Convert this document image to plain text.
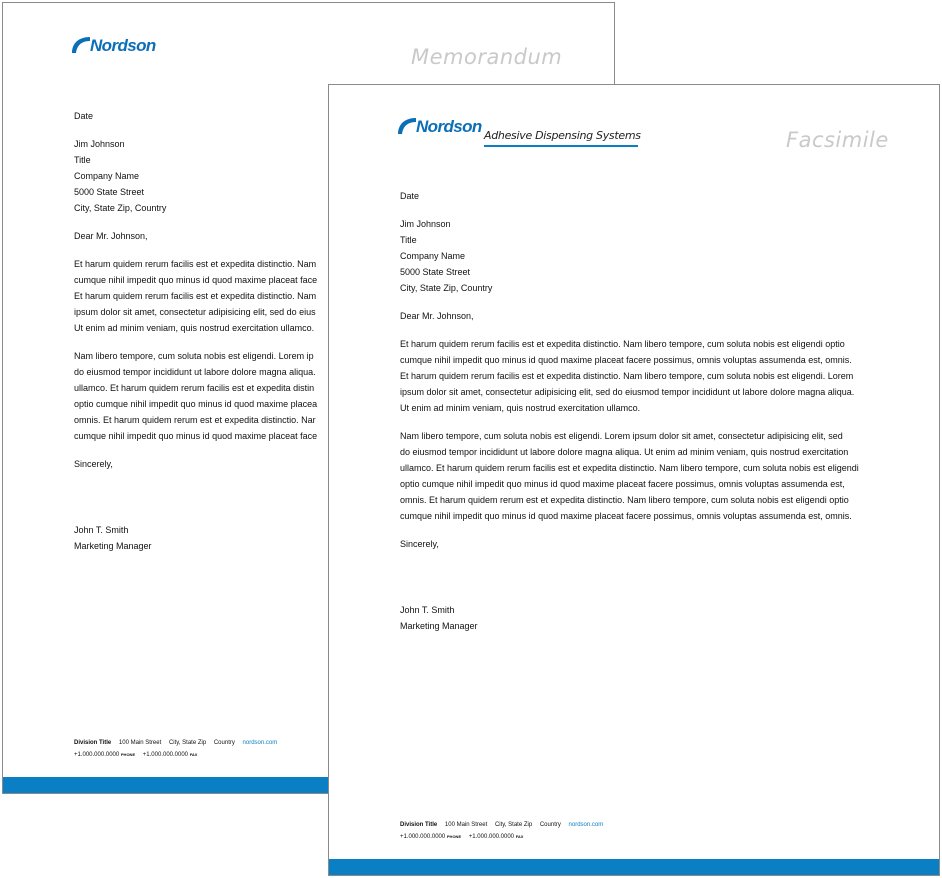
Nordson	Memorandum
Date
Jim Johnson
Title
Company Name
5000 State Street
City, State Zip, Country
Dear Mr. Johnson,
Et harum quidem rerum facilis est et expedita distinctio. Nam
cumque nihil impedit quo minus id quod maxime placeat face
Et harum quidem rerum facilis est et expedita distinctio. Nam
ipsum dolor sit amet, consectetur adipisicing elit, sed do eius
Ut enim ad minim veniam, quis nostrud exercitation ullamco.
Nam libero tempore, cum soluta nobis est eligendi. Lorem ip
do eiusmod tempor incididunt ut labore dolore magna aliqua.
ullamco. Et harum quidem rerum facilis est et expedita distin
optio cumque nihil impedit quo minus id quod maxime placea
omnis. Et harum quidem rerum est et expedita distinctio. Nar
cumque nihil impedit quo minus id quod maxime placeat face
Sincerely,
John T. Smith
Marketing Manager
Division Title 100 Main Street City, State Zip Country nordson.com
+1.000.000.0000 PHONE +1.000.000.0000 FAX
Nordson Adhesive Dispensing Systems	Facsimile
Date
Jim Johnson
Title
Company Name
5000 State Street
City, State Zip, Country
Dear Mr. Johnson,
Et harum quidem rerum facilis est et expedita distinctio. Nam libero tempore, cum soluta nobis est eligendi optio
cumque nihil impedit quo minus id quod maxime placeat facere possimus, omnis voluptas assumenda est, omnis.
Et harum quidem rerum facilis est et expedita distinctio. Nam libero tempore, cum soluta nobis est eligendi. Lorem
ipsum dolor sit amet, consectetur adipisicing elit, sed do eiusmod tempor incididunt ut labore dolore magna aliqua.
Ut enim ad minim veniam, quis nostrud exercitation ullamco.
Nam libero tempore, cum soluta nobis est eligendi. Lorem ipsum dolor sit amet, consectetur adipisicing elit, sed
do eiusmod tempor incididunt ut labore dolore magna aliqua. Ut enim ad minim veniam, quis nostrud exercitation
ullamco. Et harum quidem rerum facilis est et expedita distinctio. Nam libero tempore, cum soluta nobis est eligendi
optio cumque nihil impedit quo minus id quod maxime placeat facere possimus, omnis voluptas assumenda est,
omnis. Et harum quidem rerum est et expedita distinctio. Nam libero tempore, cum soluta nobis est eligendi optio
cumque nihil impedit quo minus id quod maxime placeat facere possimus, omnis voluptas assumenda est, omnis.
Sincerely,
John T. Smith
Marketing Manager
Division Title 100 Main Street City, State Zip Country nordson.com
+1.000.000.0000 PHONE +1.000.000.0000 FAX
